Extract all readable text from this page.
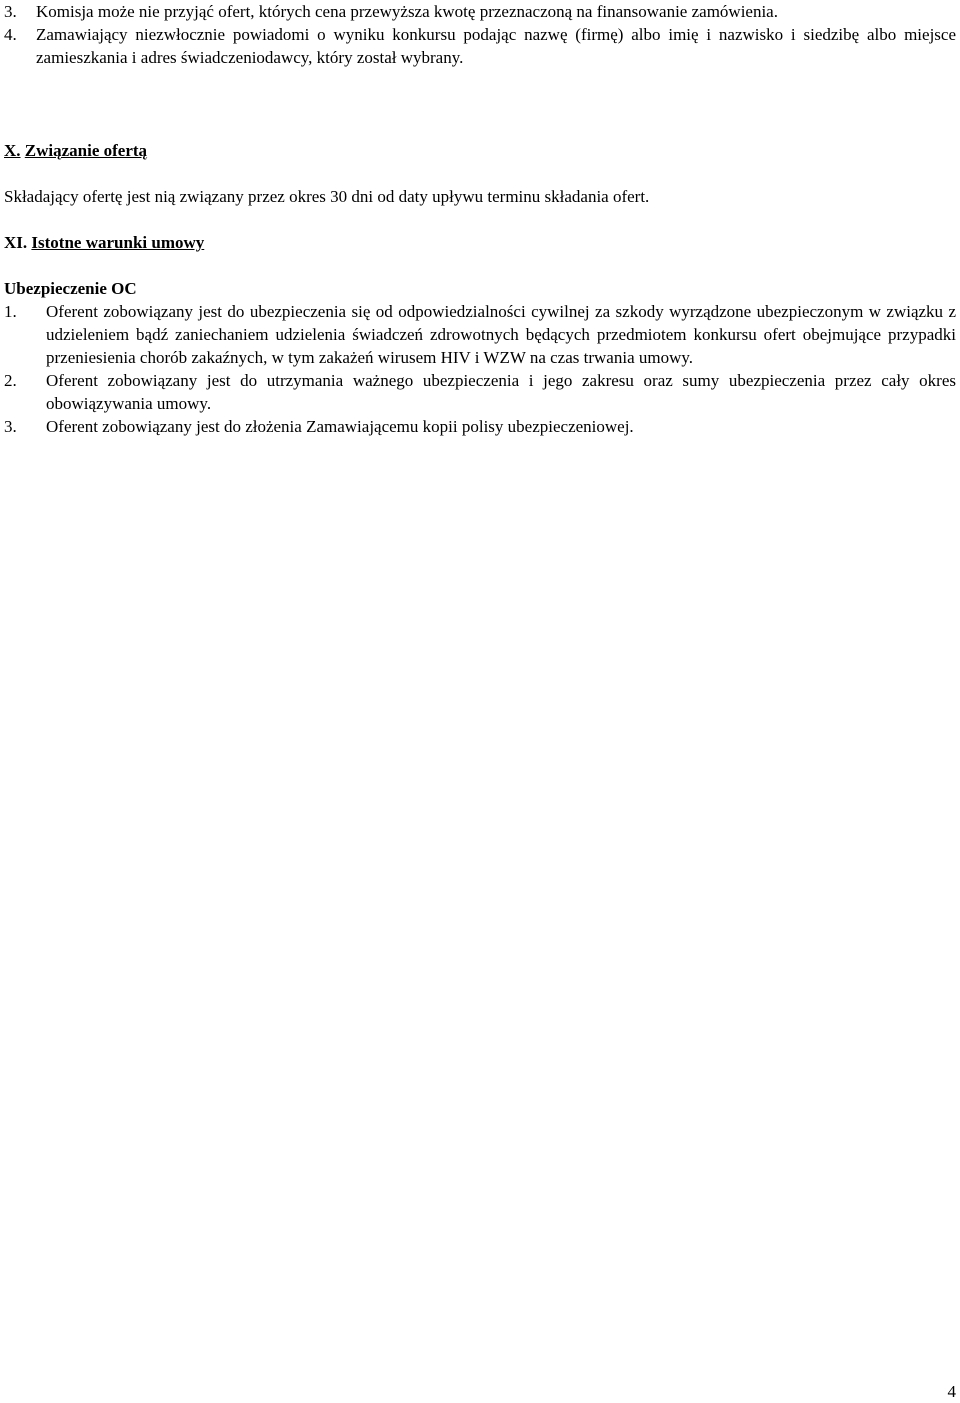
3. Komisja może nie przyjąć ofert, których cena przewyższa kwotę przeznaczoną na finansowanie zamówienia.
4. Zamawiający niezwłocznie powiadomi o wyniku konkursu podając nazwę (firmę) albo imię i nazwisko i siedzibę albo miejsce zamieszkania i adres świadczeniodawcy, który został wybrany.
X. Związanie ofertą
Składający ofertę jest nią związany przez okres 30 dni od daty upływu terminu składania ofert.
XI. Istotne warunki umowy
Ubezpieczenie OC
1. Oferent zobowiązany jest do ubezpieczenia się od odpowiedzialności cywilnej za szkody wyrządzone ubezpieczonym w związku z udzieleniem bądź zaniechaniem udzielenia świadczeń zdrowotnych będących przedmiotem konkursu ofert obejmujące przypadki przeniesienia chorób zakaźnych, w tym zakażeń wirusem HIV i WZW na czas trwania umowy.
2. Oferent zobowiązany jest do utrzymania ważnego ubezpieczenia i jego zakresu oraz sumy ubezpieczenia przez cały okres obowiązywania umowy.
3. Oferent zobowiązany jest do złożenia Zamawiającemu kopii polisy ubezpieczeniowej.
4
